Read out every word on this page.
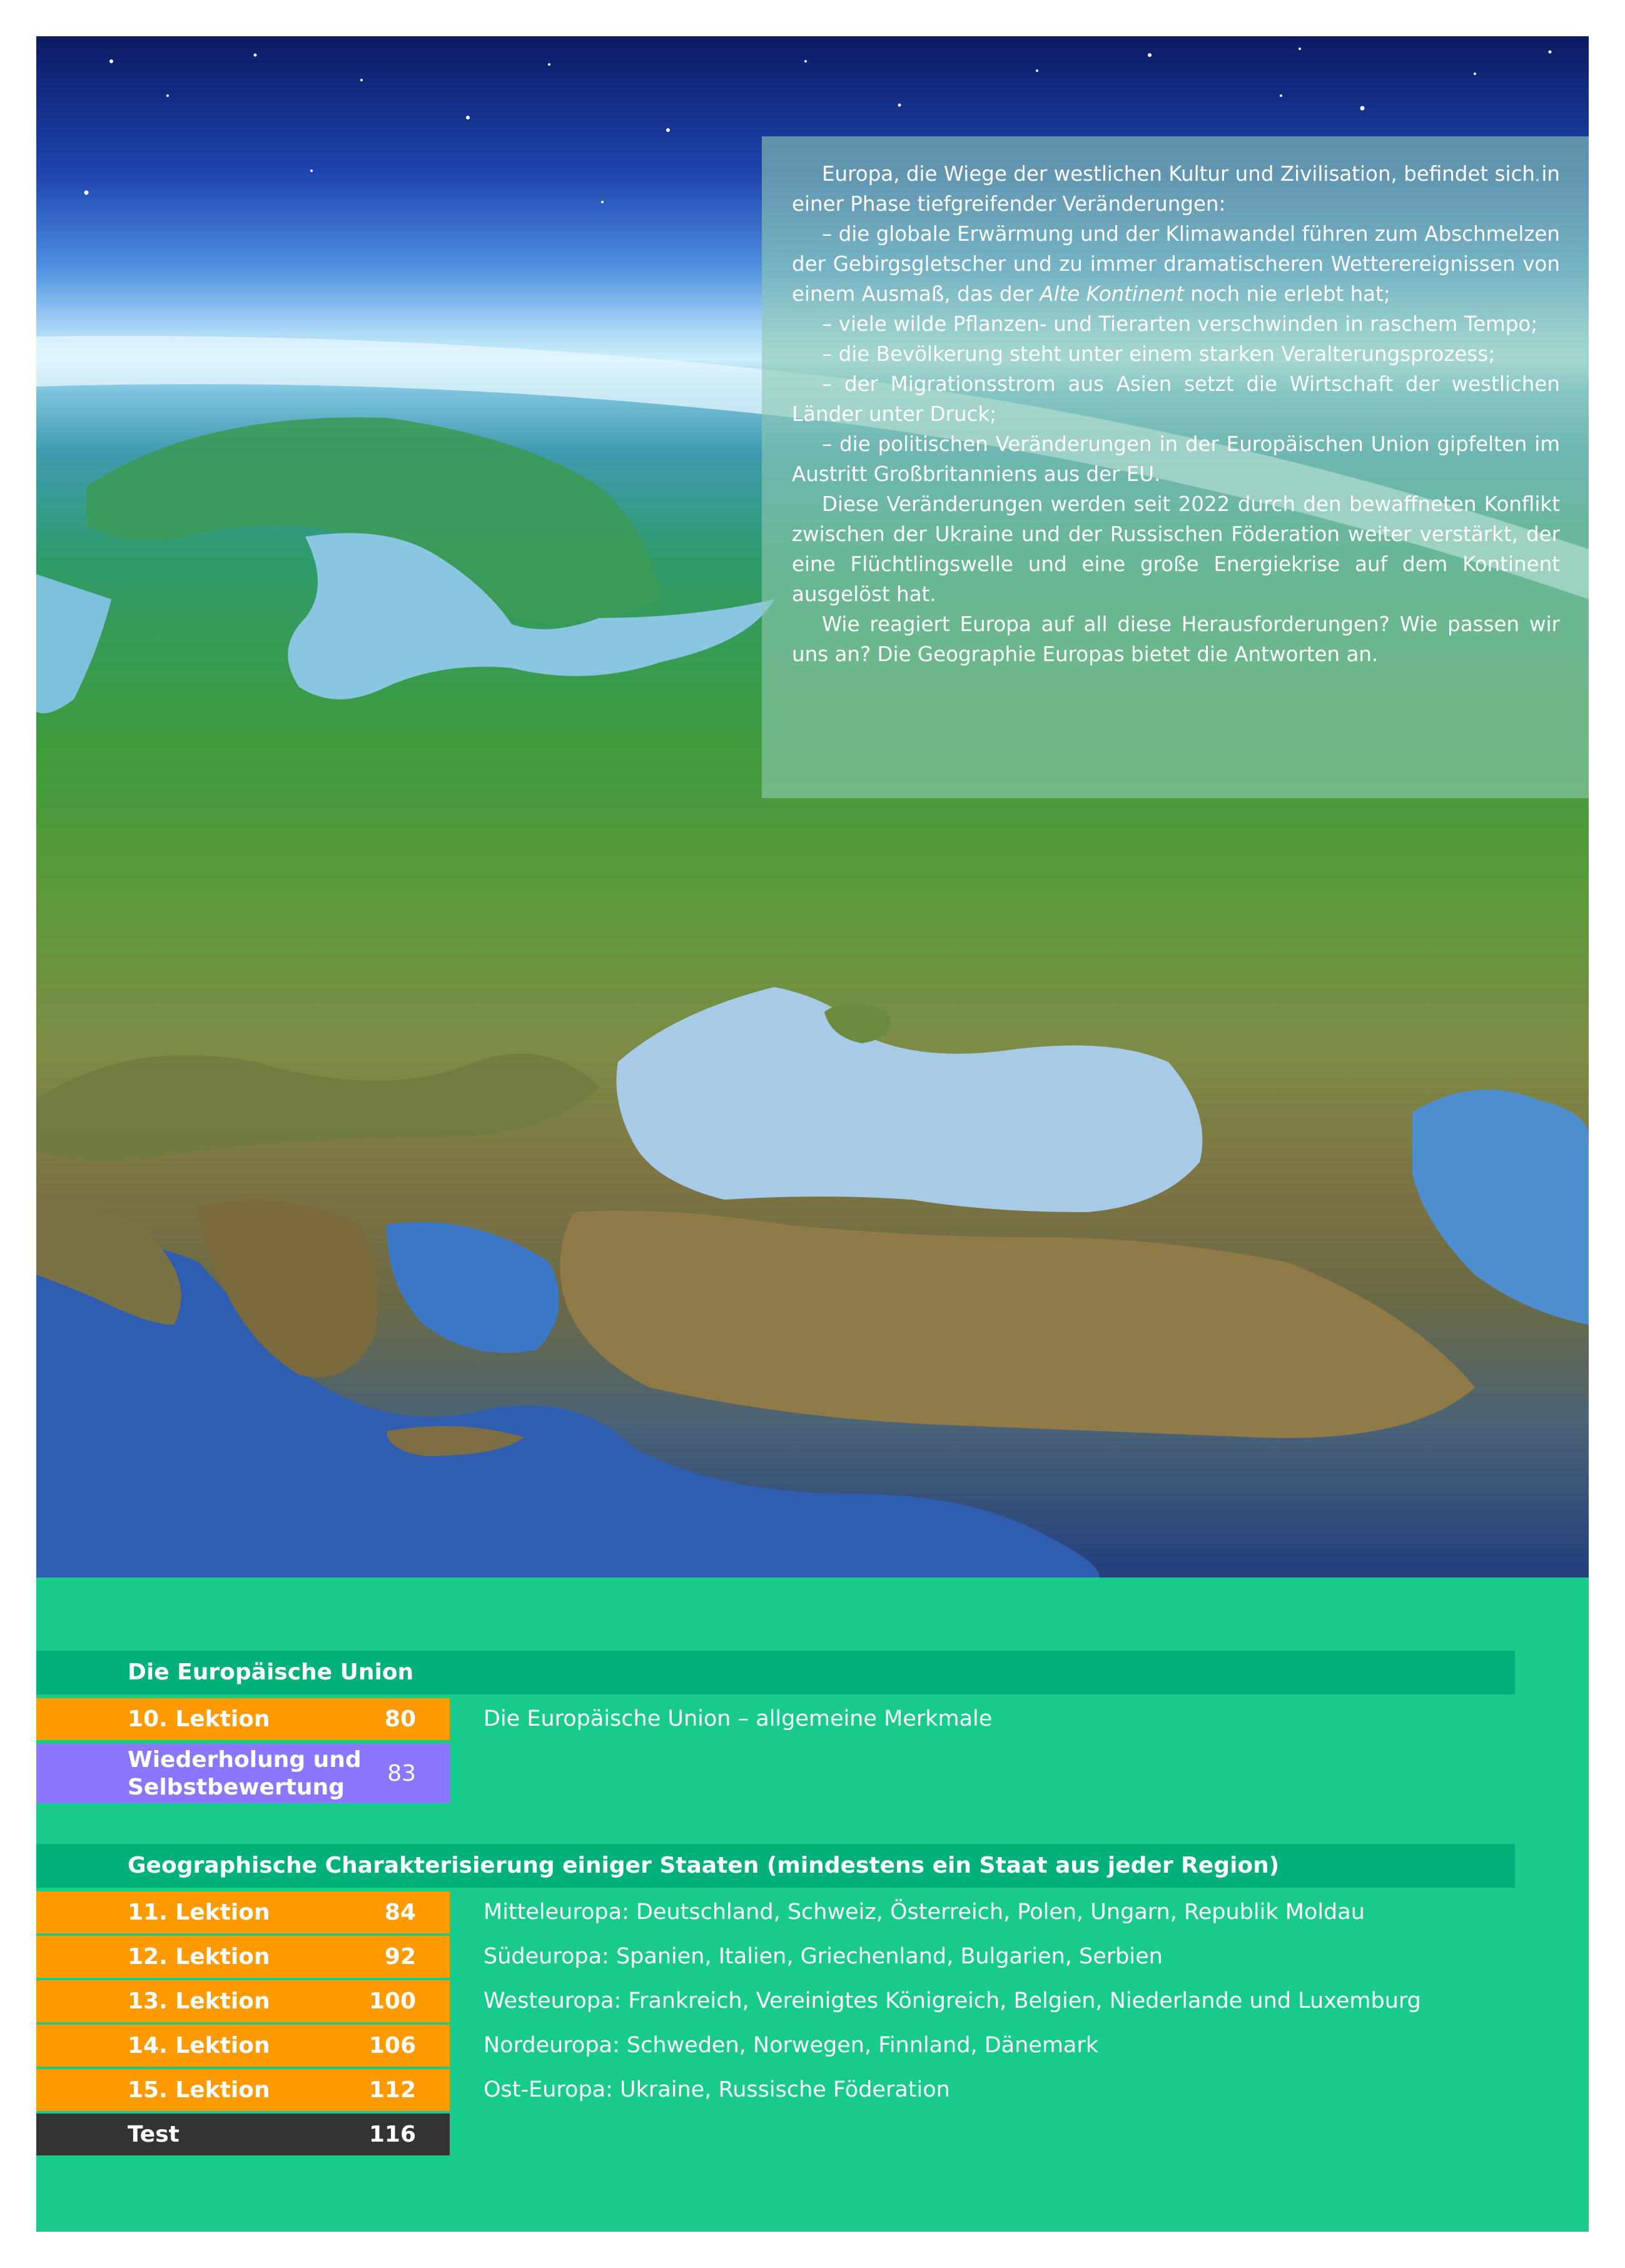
Europa, die Wiege der westlichen Kultur und Zivilisation, befindet sich in einer Phase tiefgreifender Veränderungen:

– die globale Erwärmung und der Klimawandel führen zum Abschmelzen der Gebirgsgletscher und zu immer dramatischeren Wetterereignissen von einem Ausmaß, das der Alte Kontinent noch nie erlebt hat;

– viele wilde Pflanzen- und Tierarten verschwinden in raschem Tempo;

– die Bevölkerung steht unter einem starken Veralterungsprozess;

– der Migrationsstrom aus Asien setzt die Wirtschaft der westlichen Länder unter Druck;

– die politischen Veränderungen in der Europäischen Union gipfelten im Austritt Großbritanniens aus der EU.

Diese Veränderungen werden seit 2022 durch den bewaffneten Konflikt zwischen der Ukraine und der Russischen Föderation weiter verstärkt, der eine Flüchtlingswelle und eine große Energiekrise auf dem Kontinent ausgelöst hat.

Wie reagiert Europa auf all diese Herausforderungen? Wie passen wir uns an? Die Geographie Europas bietet die Antworten an.

Die Europäische Union
10. Lektion	80	Die Europäische Union – allgemeine Merkmale
Wiederholung und
Selbstbewertung
83
Geographische Charakterisierung einiger Staaten (mindestens ein Staat aus jeder Region)
11. Lektion	84	Mitteleuropa: Deutschland, Schweiz, Österreich, Polen, Ungarn, Republik Moldau
12. Lektion	92	Südeuropa: Spanien, Italien, Griechenland, Bulgarien, Serbien
13. Lektion	100	Westeuropa: Frankreich, Vereinigtes Königreich, Belgien, Niederlande und Luxemburg
14. Lektion	106	Nordeuropa: Schweden, Norwegen, Finnland, Dänemark
15. Lektion	112	Ost-Europa: Ukraine, Russische Föderation
Test	116
